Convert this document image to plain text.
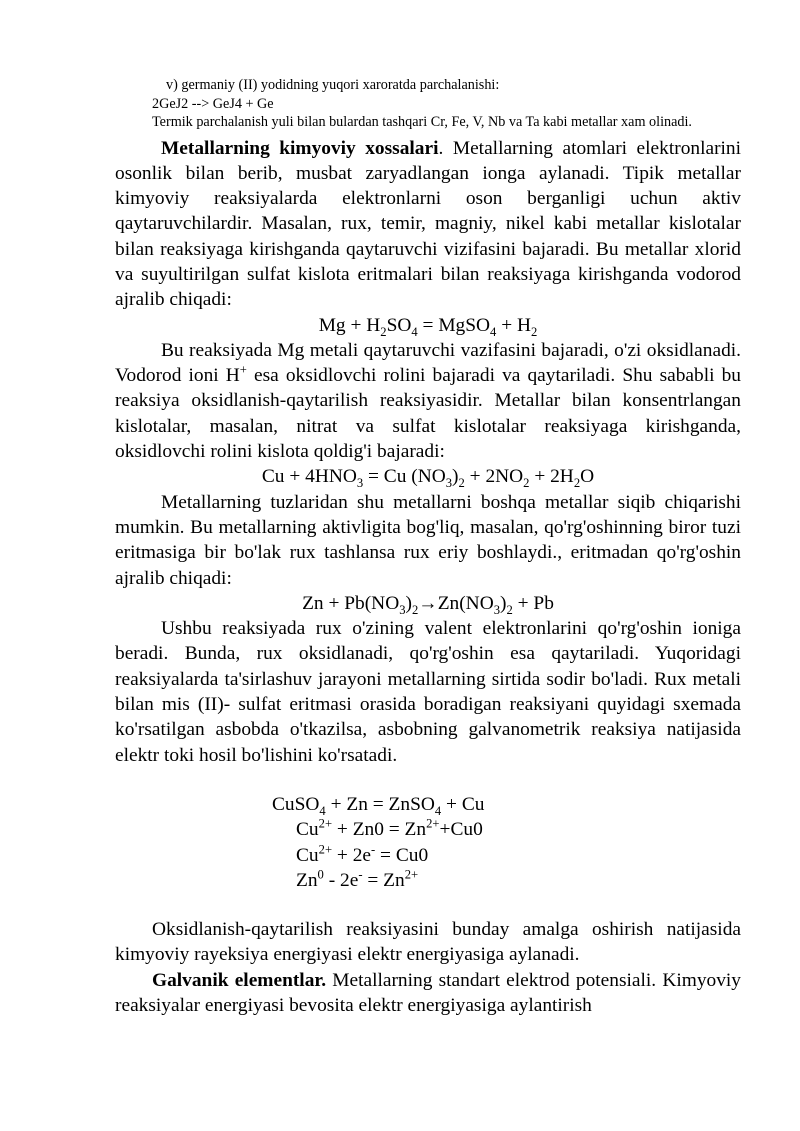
v) germaniy (II) yodidning yuqori xaroratda parchalanishi:

2GeJ2 --> GeJ4 + Ge

Termik parchalanish yuli bilan bulardan tashqari Cr, Fe, V, Nb va Ta kabi metallar xam olinadi.

Metallarning kimyoviy xossalari. Metallarning atomlari elektronlarini osonlik bilan berib, musbat zaryadlangan ionga aylanadi. Tipik metallar kimyoviy reaksiyalarda elektronlarni oson berganligi uchun aktiv qaytaruvchilardir. Masalan, rux, temir, magniy, nikel kabi metallar kislotalar bilan reaksiyaga kirishganda qaytaruvchi vizifasini bajaradi. Bu metallar xlorid va suyultirilgan sulfat kislota eritmalari bilan reaksiyaga kirishganda vodorod ajralib chiqadi:

$Mg + H_2SO_4$ = MgSO$_4$ + $H_2$

Bu reaksiyada Mg metali qaytaruvchi vazifasini bajaradi, o'zi oksidlanadi. Vodorod ioni H+ esa oksidlovchi rolini bajaradi va qaytariladi. Shu sababli bu reaksiya oksidlanish-qaytarilish reaksiyasidir. Metallar bilan konsentrlangan kislotalar, masalan, nitrat va sulfat kislotalar reaksiyaga kirishganda, oksidlovchi rolini kislota qoldig'i bajaradi:

$Cu + 4HNO_3 = Cu$ $(NO_3)_2 + 2NO_2 + 2H_2O$

Metallarning tuzlaridan shu metallarni boshqa metallar siqib chiqarishi mumkin. Bu metallarning aktivligita bog'liq, masalan, qo'rg'oshinning biror tuzi eritmasiga bir bo'lak rux tashlansa rux eriy boshlaydi., eritmadan qo'rg'oshin ajralib chiqadi:

$Zn + Pb(NO_3)_2\to Zn(NO_3)_2 + Pb$

Ushbu reaksiyada rux o'zining valent elektronlarini qo'rg'oshin ioniga beradi. Bunda, rux oksidlanadi, qo'rg'oshin esa qaytariladi. Yuqoridagi reaksiyalarda ta'sirlashuv jarayoni metallarning sirtida sodir bo'ladi. Rux metali bilan mis (II)- sulfat eritmasi orasida boradigan reaksiyani quyidagi sxemada ko'rsatilgan asbobda o'tkazilsa, asbobning galvanometrik reaksiya natijasida elektr toki hosil bo'lishini ko'rsatadi.

CuSO$_4$ + Zn = ZnSO$_4$ + Cu
$Cu^{2+} + Zn0 = Zn^{2+}+Cu0$
$Cu^{2+} + 2e^- = Cu0$
$Zn^0 - 2e^- = Zn^{2+}$

Oksidlanish-qaytarilish reaksiyasini bunday amalga oshirish natijasida kimyoviy rayeksiya energiyasi elektr energiyasiga aylanadi.

Galvanik elementlar. Metallarning standart elektrod potensiali. Kimyoviy reaksiyalar energiyasi bevosita elektr energiyasiga aylantirish
